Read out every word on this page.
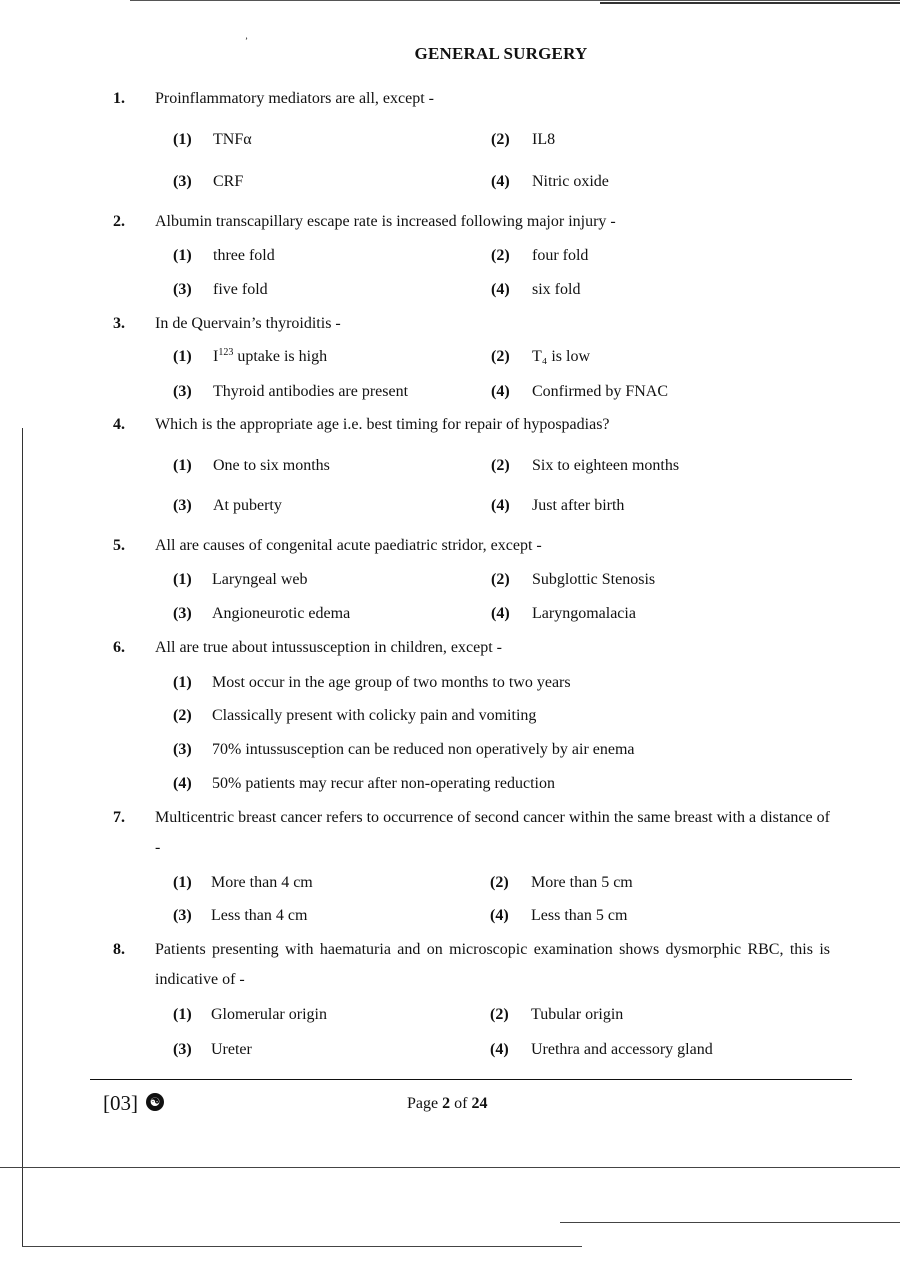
ʼ
GENERAL SURGERY
1. Proinflammatory mediators are all, except -
(1) TNFα	(2) IL8
(3) CRF	(4) Nitric oxide
2. Albumin transcapillary escape rate is increased following major injury -
(1) three fold	(2) four fold
(3) five fold	(4) six fold
3. In de Quervain’s thyroiditis -
(1) $I^{123}$ uptake is high	(2) T₄ is low
(3) Thyroid antibodies are present	(4) Confirmed by FNAC
4. Which is the appropriate age i.e. best timing for repair of hypospadias?
(1) One to six months	(2) Six to eighteen months
(3) At puberty	(4) Just after birth
5. All are causes of congenital acute paediatric stridor, except -
(1) Laryngeal web	(2) Subglottic Stenosis
(3) Angioneurotic edema	(4) Laryngomalacia
6. All are true about intussusception in children, except -
(1) Most occur in the age group of two months to two years
(2) Classically present with colicky pain and vomiting
(3) 70% intussusception can be reduced non operatively by air enema
(4) 50% patients may recur after non-operating reduction
7. Multicentric breast cancer refers to occurrence of second cancer within the same breast with a distance of -
(1) More than 4 cm	(2) More than 5 cm
(3) Less than 4 cm	(4) Less than 5 cm
8. Patients presenting with haematuria and on microscopic examination shows dysmorphic RBC, this is indicative of -
(1) Glomerular origin	(2) Tubular origin
(3) Ureter	(4) Urethra and accessory gland
[03] ☯	Page 2 of 24
